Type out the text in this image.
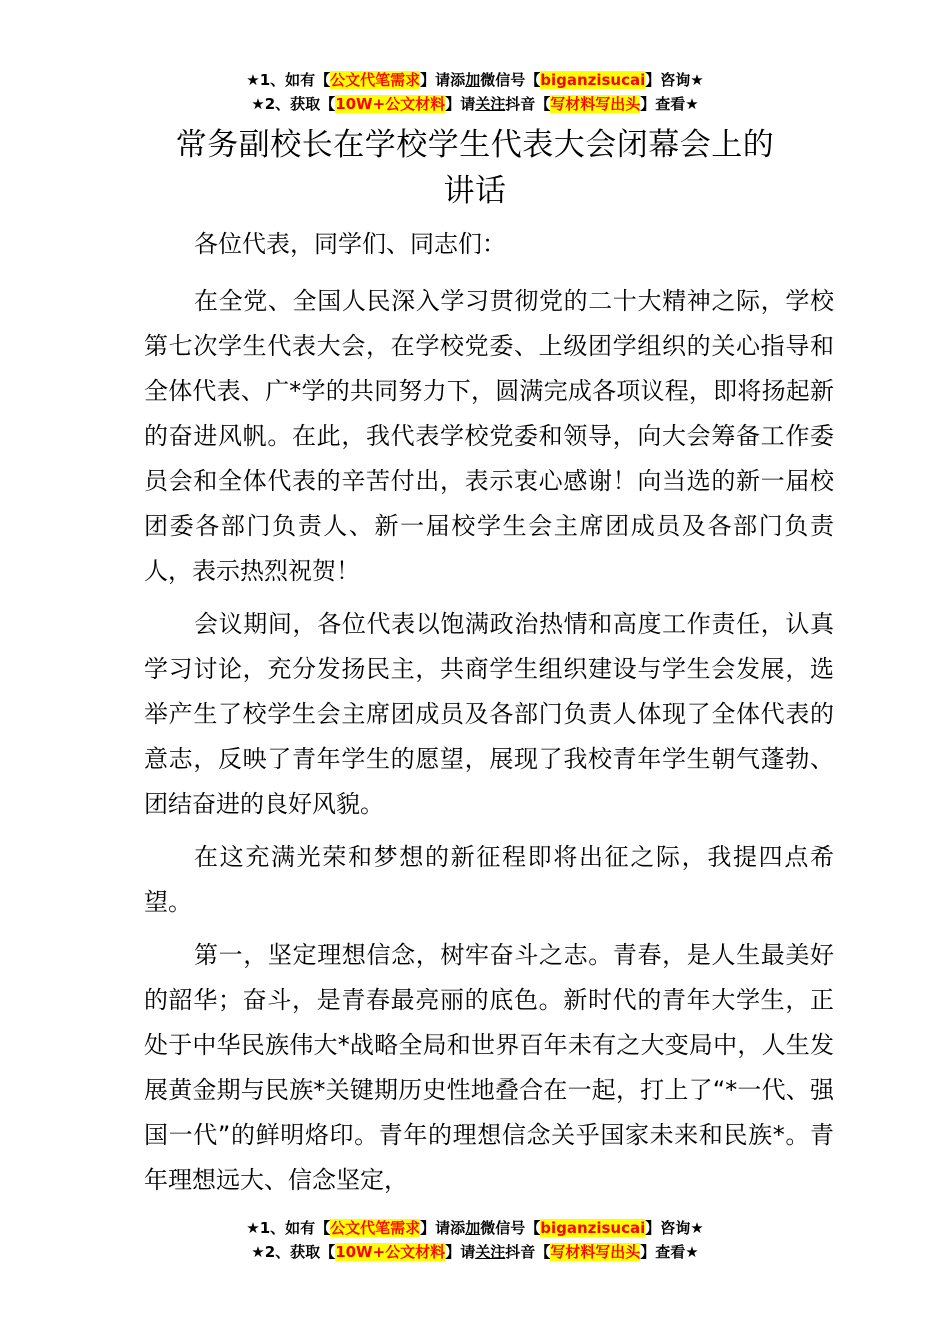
★1、如有【公文代笔需求】请添加微信号【biganzisucai】咨询★
★2、获取【10W+公文材料】请关注抖音【写材料写出头】查看★
常务副校长在学校学生代表大会闭幕会上的
讲话

各位代表，同学们、同志们：

在全党、全国人民深入学习贯彻党的二十大精神之际，学校第七次学生代表大会，在学校党委、上级团学组织的关心指导和全体代表、广*学的共同努力下，圆满完成各项议程，即将扬起新的奋进风帆。在此，我代表学校党委和领导，向大会筹备工作委员会和全体代表的辛苦付出，表示衷心感谢！向当选的新一届校团委各部门负责人、新一届校学生会主席团成员及各部门负责人，表示热烈祝贺！

会议期间，各位代表以饱满政治热情和高度工作责任，认真学习讨论，充分发扬民主，共商学生组织建设与学生会发展，选举产生了校学生会主席团成员及各部门负责人体现了全体代表的意志，反映了青年学生的愿望，展现了我校青年学生朝气蓬勃、团结奋进的良好风貌。

在这充满光荣和梦想的新征程即将出征之际，我提四点希望。

第一，坚定理想信念，树牢奋斗之志。青春，是人生最美好的韶华；奋斗，是青春最亮丽的底色。新时代的青年大学生，正处于中华民族伟大*战略全局和世界百年未有之大变局中，人生发展黄金期与民族*关键期历史性地叠合在一起，打上了“*一代、强国一代”的鲜明烙印。青年的理想信念关乎国家未来和民族*。青年理想远大、信念坚定，

★1、如有【公文代笔需求】请添加微信号【biganzisucai】咨询★
★2、获取【10W+公文材料】请关注抖音【写材料写出头】查看★
